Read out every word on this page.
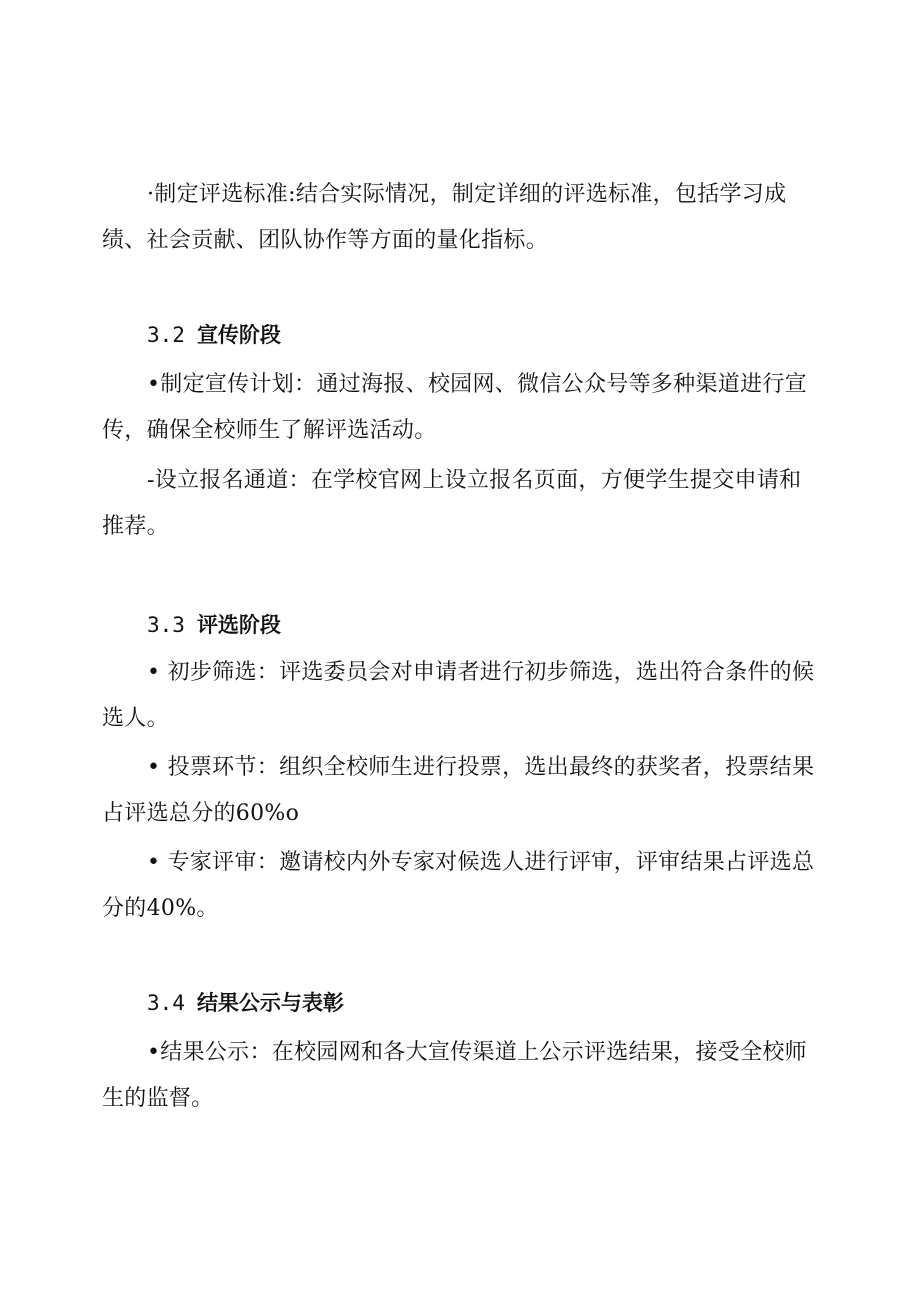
·制定评选标准:结合实际情况，制定详细的评选标准，包括学习成绩、社会贡献、团队协作等方面的量化指标。

3.2 宣传阶段

•制定宣传计划：通过海报、校园网、微信公众号等多种渠道进行宣传，确保全校师生了解评选活动。

-设立报名通道：在学校官网上设立报名页面，方便学生提交申请和推荐。

3.3 评选阶段

• 初步筛选：评选委员会对申请者进行初步筛选，选出符合条件的候选人。

• 投票环节：组织全校师生进行投票，选出最终的获奖者，投票结果占评选总分的60%o

• 专家评审：邀请校内外专家对候选人进行评审，评审结果占评选总分的40%。

3.4 结果公示与表彰

•结果公示：在校园网和各大宣传渠道上公示评选结果，接受全校师生的监督。
